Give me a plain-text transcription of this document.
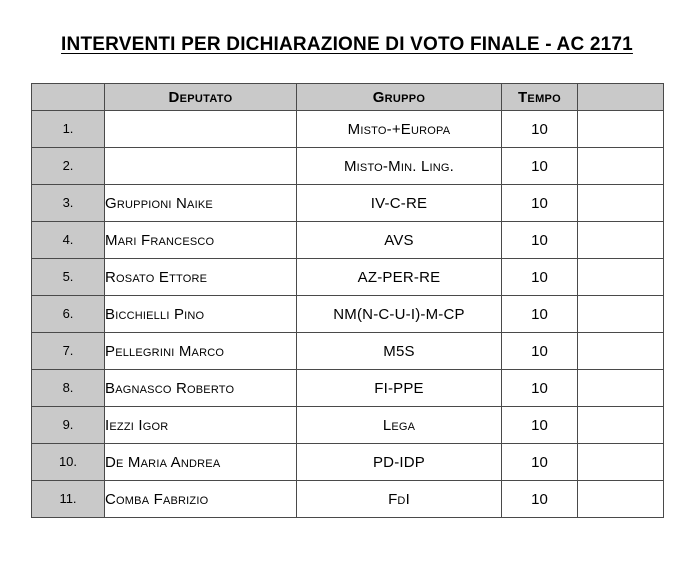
INTERVENTI PER DICHIARAZIONE DI VOTO FINALE - AC 2171
	Deputato	Gruppo	Tempo	
1.		Misto-+Europa	10	
2.		Misto-Min. Ling.	10	
3.	Gruppioni Naike	IV-C-RE	10	
4.	Mari Francesco	AVS	10	
5.	Rosato Ettore	AZ-PER-RE	10	
6.	Bicchielli Pino	NM(N-C-U-I)-M-CP	10	
7.	Pellegrini Marco	M5S	10	
8.	Bagnasco Roberto	FI-PPE	10	
9.	Iezzi Igor	Lega	10	
10.	De Maria Andrea	PD-IDP	10	
11.	Comba Fabrizio	FdI	10	
